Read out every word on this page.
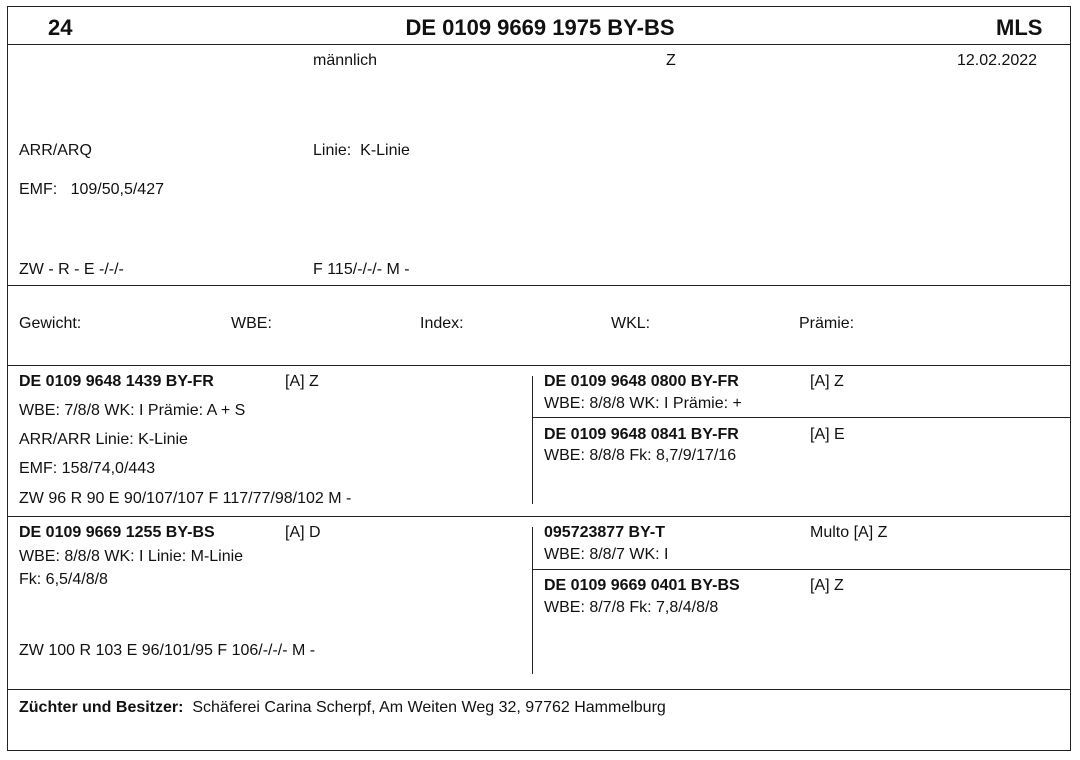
24	DE 0109 9669 1975 BY-BS	MLS
männlich	Z	12.02.2022
ARR/ARQ	Linie: K-Linie
EMF: 109/50,5/427
ZW - R - E -/-/-	F 115/-/-/- M -
Gewicht:	WBE:	Index:	WKL:	Prämie:
DE 0109 9648 1439 BY-FR	[A] Z
WBE: 7/8/8 WK: I Prämie: A + S
ARR/ARR Linie: K-Linie
EMF: 158/74,0/443
ZW 96 R 90 E 90/107/107 F 117/77/98/102 M -
DE 0109 9648 0800 BY-FR	[A] Z
WBE: 8/8/8 WK: I Prämie: +
DE 0109 9648 0841 BY-FR	[A] E
WBE: 8/8/8 Fk: 8,7/9/17/16
DE 0109 9669 1255 BY-BS	[A] D
WBE: 8/8/8 WK: I Linie: M-Linie
Fk: 6,5/4/8/8
ZW 100 R 103 E 96/101/95 F 106/-/-/- M -
095723877 BY-T	Multo [A] Z
WBE: 8/8/7 WK: I
DE 0109 9669 0401 BY-BS	[A] Z
WBE: 8/7/8 Fk: 7,8/4/8/8
Züchter und Besitzer: Schäferei Carina Scherpf, Am Weiten Weg 32, 97762 Hammelburg
